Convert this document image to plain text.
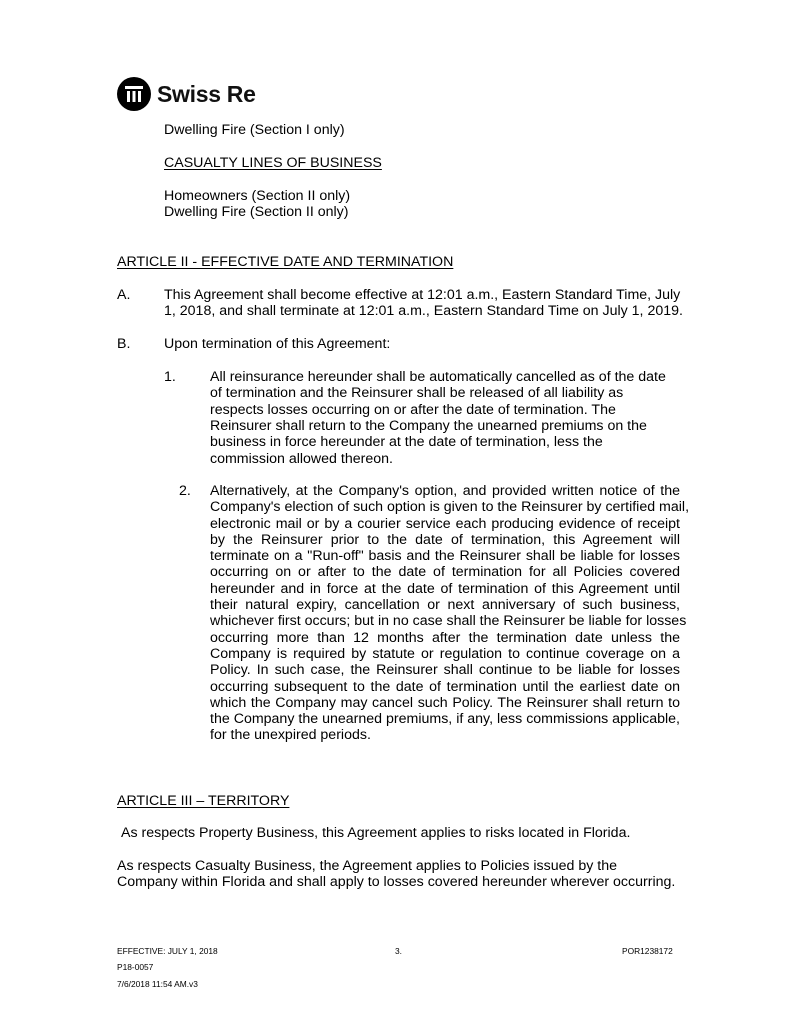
Swiss Re
Dwelling Fire (Section I only)
CASUALTY LINES OF BUSINESS
Homeowners (Section II only)
Dwelling Fire (Section II only)
ARTICLE II - EFFECTIVE DATE AND TERMINATION
A. This Agreement shall become effective at 12:01 a.m., Eastern Standard Time, July
1, 2018, and shall terminate at 12:01 a.m., Eastern Standard Time on July 1, 2019.
B. Upon termination of this Agreement:
1. All reinsurance hereunder shall be automatically cancelled as of the date
of termination and the Reinsurer shall be released of all liability as
respects losses occurring on or after the date of termination. The
Reinsurer shall return to the Company the unearned premiums on the
business in force hereunder at the date of termination, less the
commission allowed thereon.
2. Alternatively, at the Company's option, and provided written notice of the
Company's election of such option is given to the Reinsurer by certified mail,
electronic mail or by a courier service each producing evidence of receipt
by the Reinsurer prior to the date of termination, this Agreement will
terminate on a "Run-off" basis and the Reinsurer shall be liable for losses
occurring on or after to the date of termination for all Policies covered
hereunder and in force at the date of termination of this Agreement until
their natural expiry, cancellation or next anniversary of such business,
whichever first occurs; but in no case shall the Reinsurer be liable for losses
occurring more than 12 months after the termination date unless the
Company is required by statute or regulation to continue coverage on a
Policy. In such case, the Reinsurer shall continue to be liable for losses
occurring subsequent to the date of termination until the earliest date on
which the Company may cancel such Policy. The Reinsurer shall return to
the Company the unearned premiums, if any, less commissions applicable,
for the unexpired periods.
ARTICLE III – TERRITORY
As respects Property Business, this Agreement applies to risks located in Florida.
As respects Casualty Business, the Agreement applies to Policies issued by the
Company within Florida and shall apply to losses covered hereunder wherever occurring.
EFFECTIVE: JULY 1, 2018	3.	POR1238172
P18-0057
7/6/2018 11:54 AM.v3
